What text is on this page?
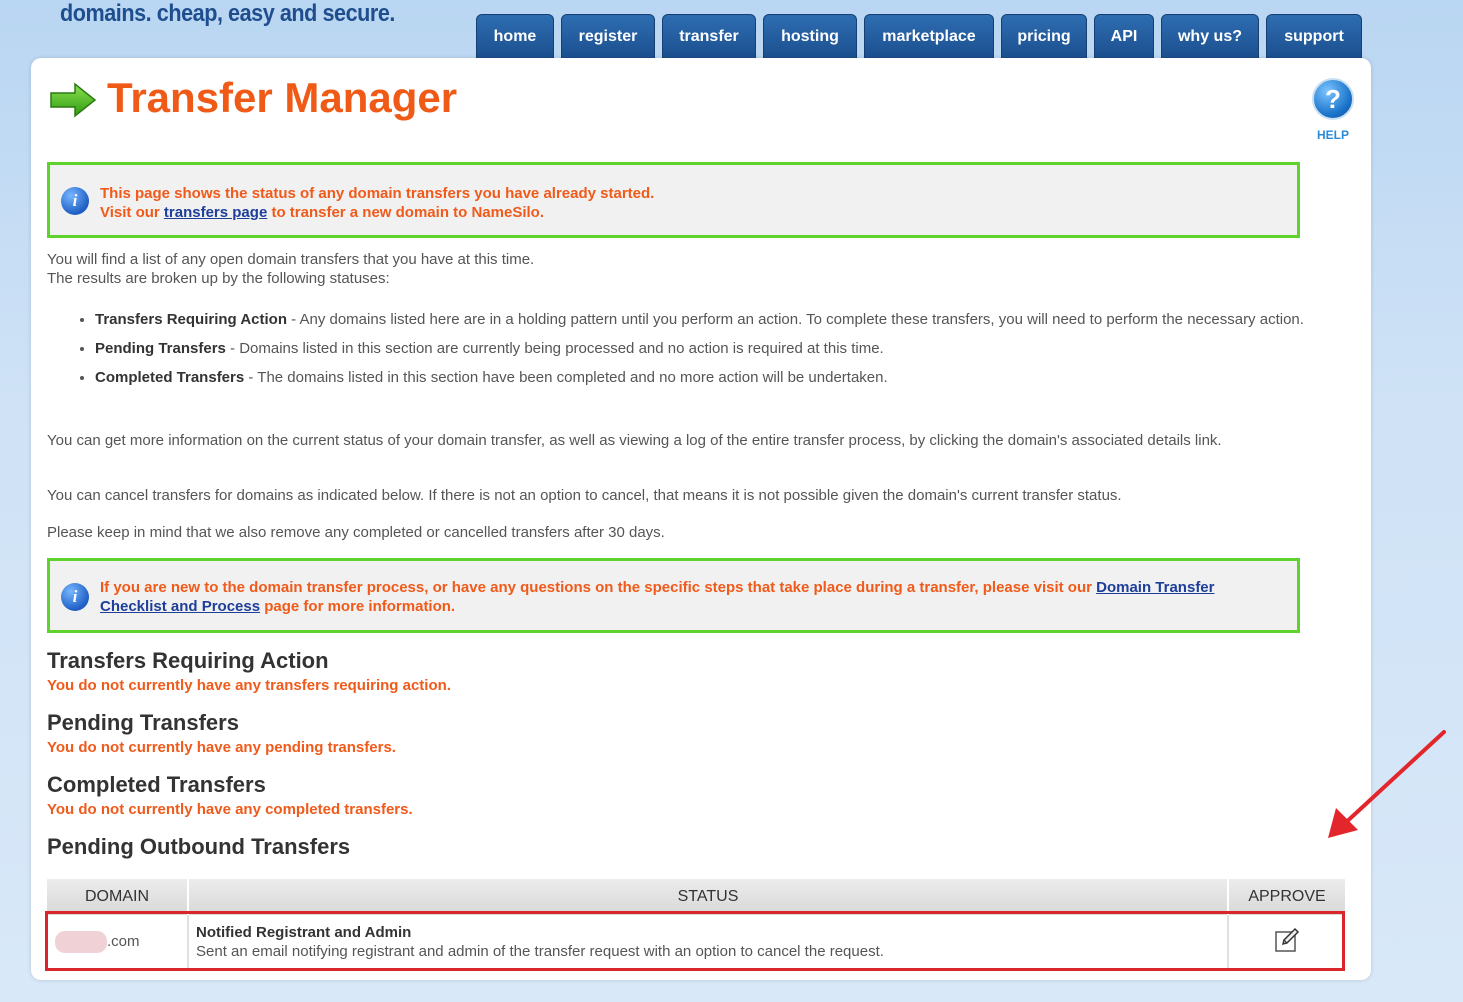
domains. cheap, easy and secure.
home	register	transfer	hosting	marketplace	pricing	API	why us?	support
Transfer Manager	?
HELP
i	This page shows the status of any domain transfers you have already started.
Visit our transfers page to transfer a new domain to NameSilo.
You will find a list of any open domain transfers that you have at this time.
The results are broken up by the following statuses:
• Transfers Requiring Action - Any domains listed here are in a holding pattern until you perform an action. To complete these transfers, you will need to perform the necessary action.
• Pending Transfers - Domains listed in this section are currently being processed and no action is required at this time.
• Completed Transfers - The domains listed in this section have been completed and no more action will be undertaken.
You can get more information on the current status of your domain transfer, as well as viewing a log of the entire transfer process, by clicking the domain's associated details link.
You can cancel transfers for domains as indicated below. If there is not an option to cancel, that means it is not possible given the domain's current transfer status.
Please keep in mind that we also remove any completed or cancelled transfers after 30 days.
i	If you are new to the domain transfer process, or have any questions on the specific steps that take place during a transfer, please visit our Domain Transfer Checklist and Process page for more information.
Transfers Requiring Action
You do not currently have any transfers requiring action.
Pending Transfers
You do not currently have any pending transfers.
Completed Transfers
You do not currently have any completed transfers.
Pending Outbound Transfers
DOMAIN	STATUS	APPROVE
.com	Notified Registrant and Admin
Sent an email notifying registrant and admin of the transfer request with an option to cancel the request.	
